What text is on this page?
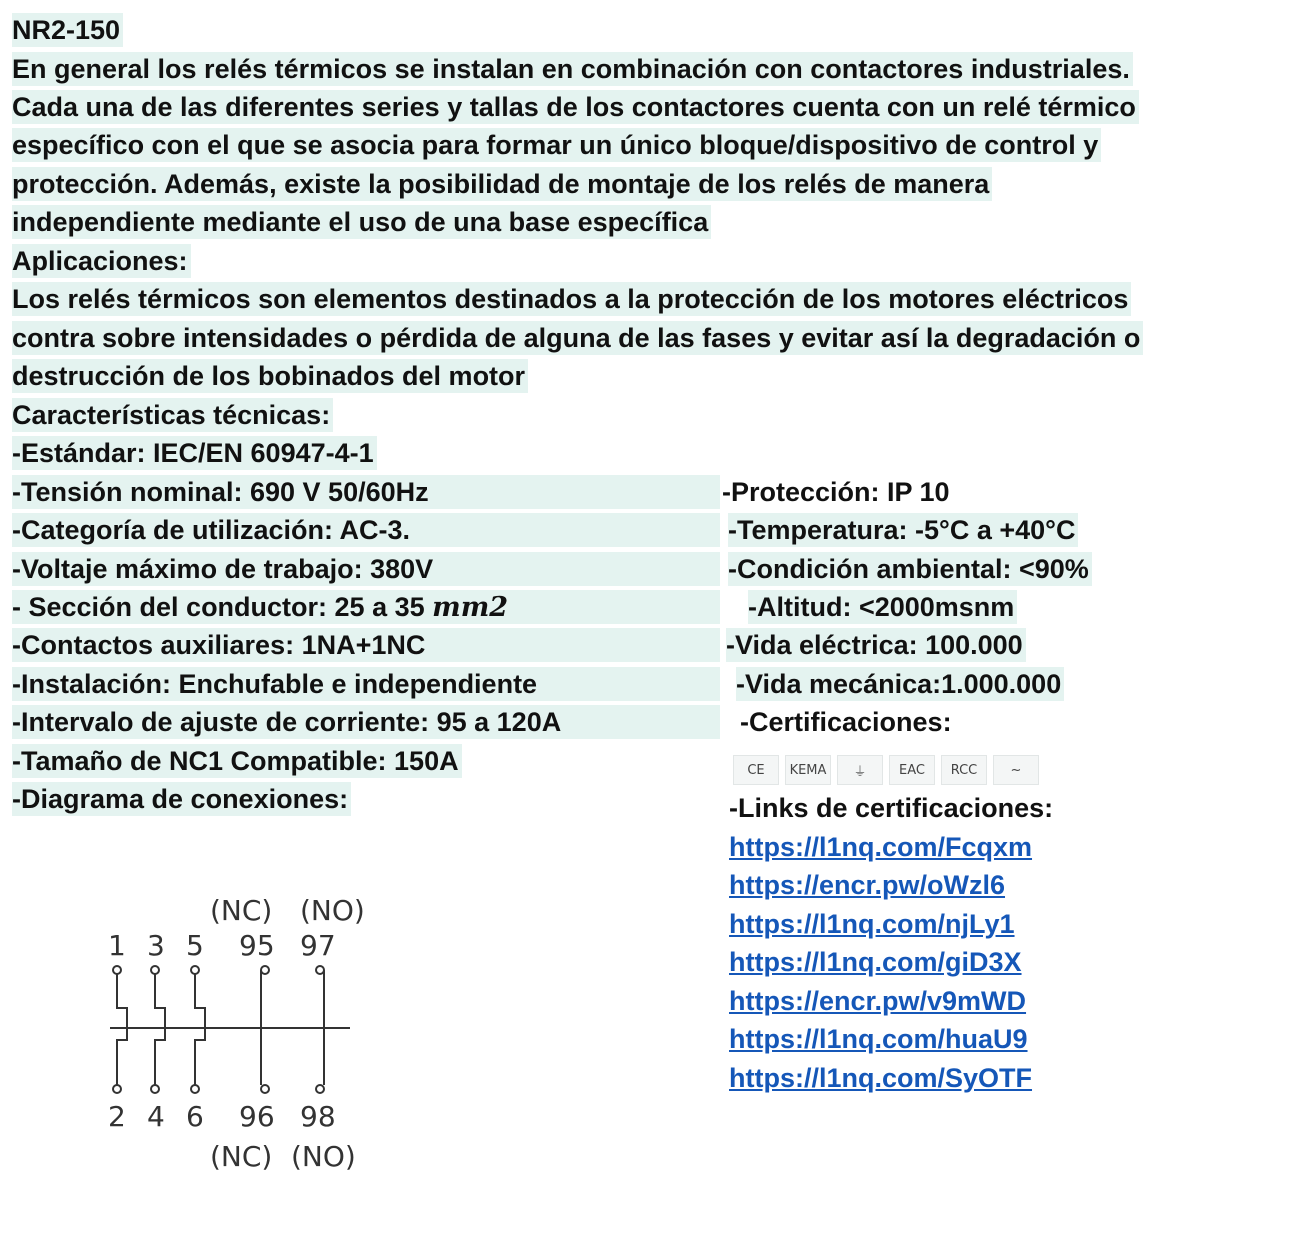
NR2-150
En general los relés térmicos se instalan en combinación con contactores industriales.
Cada una de las diferentes series y tallas de los contactores cuenta con un relé térmico
específico con el que se asocia para formar un único bloque/dispositivo de control y
protección. Además, existe la posibilidad de montaje de los relés de manera
independiente mediante el uso de una base específica
Aplicaciones:
Los relés térmicos son elementos destinados a la protección de los motores eléctricos
contra sobre intensidades o pérdida de alguna de las fases y evitar así la degradación o
destrucción de los bobinados del motor
Características técnicas:
-Estándar: IEC/EN 60947-4-1
-Tensión nominal: 690 V 50/60Hz
-Categoría de utilización: AC-3.
-Voltaje máximo de trabajo: 380V
- Sección del conductor: 25 a 35 mm2
-Contactos auxiliares: 1NA+1NC
-Instalación: Enchufable e independiente
-Intervalo de ajuste de corriente: 95 a 120A
-Tamaño de NC1 Compatible: 150A
-Diagrama de conexiones:
-Protección: IP 10
-Temperatura: -5°C a +40°C
-Condición ambiental: <90%
-Altitud: <2000msnm
-Vida eléctrica: 100.000
-Vida mecánica:1.000.000
-Certificaciones:
CE	KEMA	⏚	EAC	RCC	~
-Links de certificaciones:
https://l1nq.com/Fcqxm
https://encr.pw/oWzl6
https://l1nq.com/njLy1
https://l1nq.com/giD3X
https://encr.pw/v9mWD
https://l1nq.com/huaU9
https://l1nq.com/SyOTF
(NC) (NO)
1 3 5 95 97
2 4 6 96 98
(NC) (NO)
